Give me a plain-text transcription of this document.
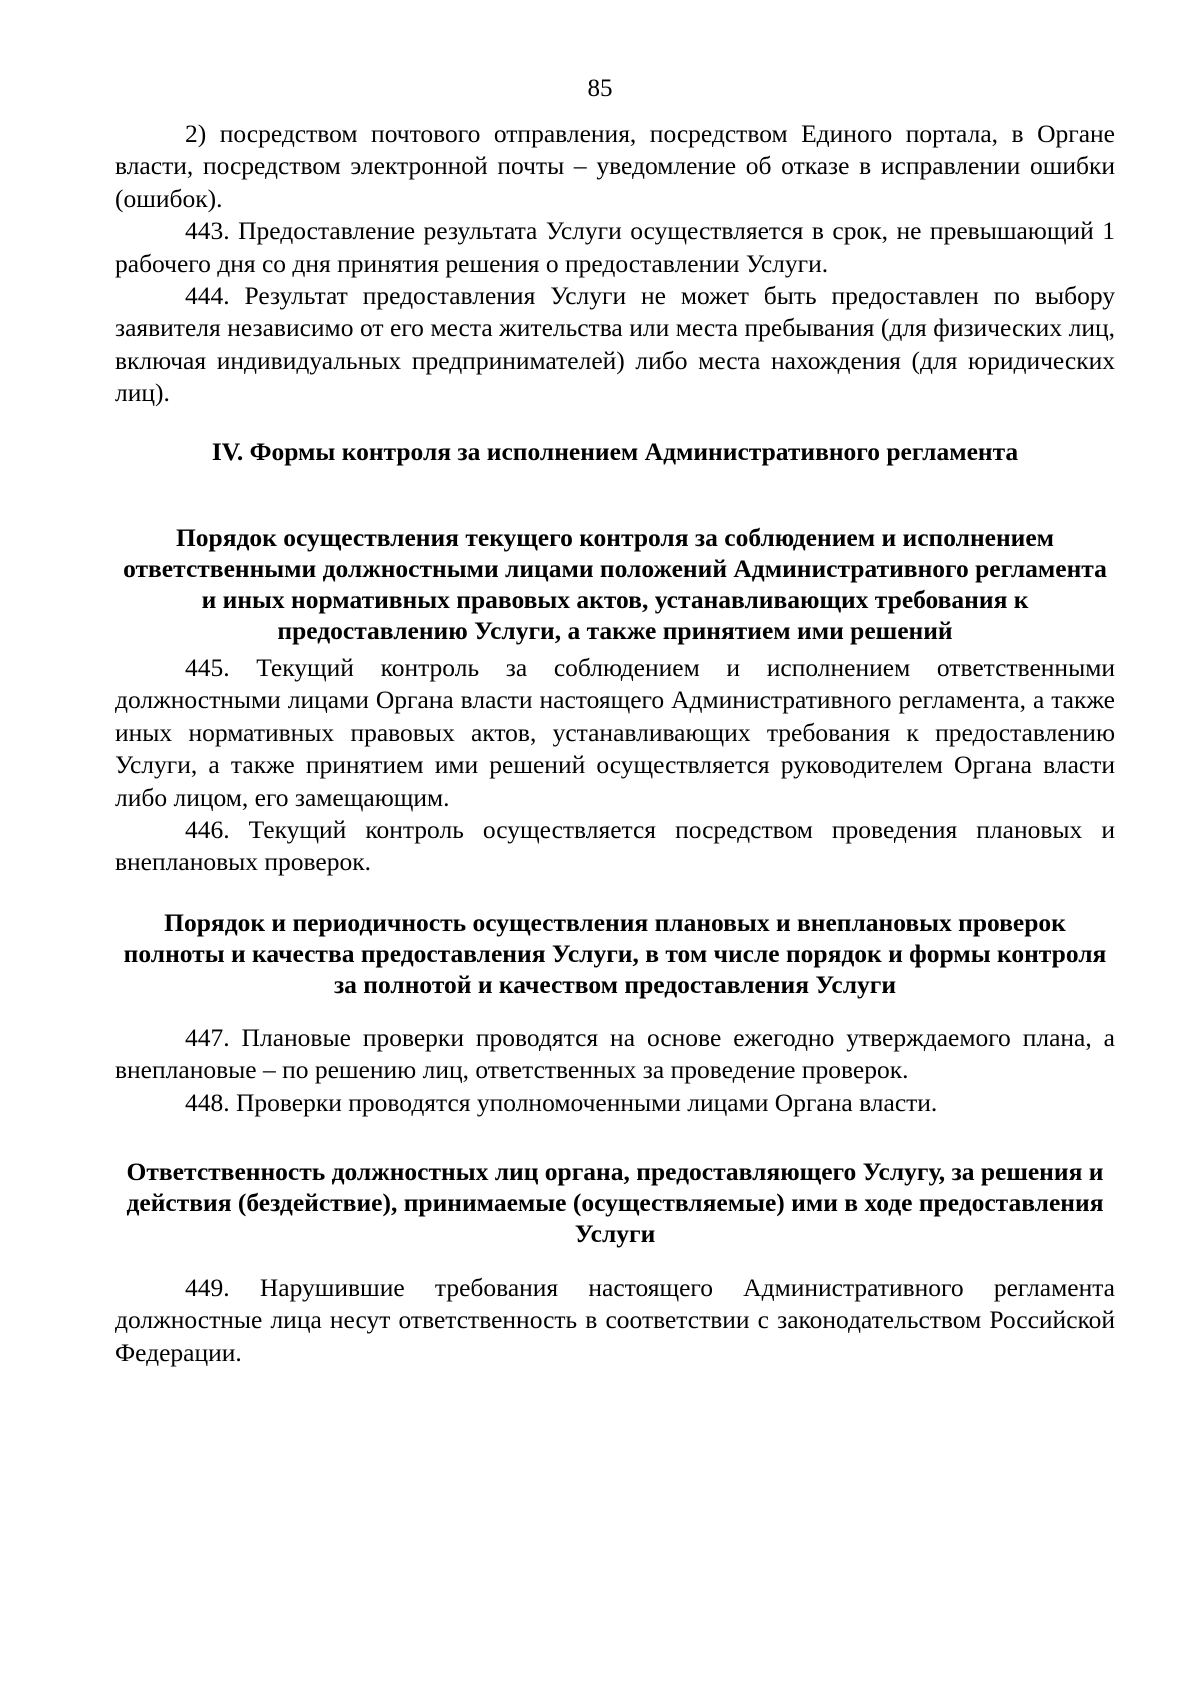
85

2) посредством почтового отправления, посредством Единого портала, в Органе власти, посредством электронной почты – уведомление об отказе в исправлении ошибки (ошибок).

443. Предоставление результата Услуги осуществляется в срок, не превышающий 1 рабочего дня со дня принятия решения о предоставлении Услуги.

444. Результат предоставления Услуги не может быть предоставлен по выбору заявителя независимо от его места жительства или места пребывания (для физических лиц, включая индивидуальных предпринимателей) либо места нахождения (для юридических лиц).

IV. Формы контроля за исполнением Административного регламента

Порядок осуществления текущего контроля за соблюдением и исполнением ответственными должностными лицами положений Административного регламента и иных нормативных правовых актов, устанавливающих требования к предоставлению Услуги, а также принятием ими решений

445. Текущий контроль за соблюдением и исполнением ответственными должностными лицами Органа власти настоящего Административного регламента, а также иных нормативных правовых актов, устанавливающих требования к предоставлению Услуги, а также принятием ими решений осуществляется руководителем Органа власти либо лицом, его замещающим.

446. Текущий контроль осуществляется посредством проведения плановых и внеплановых проверок.

Порядок и периодичность осуществления плановых и внеплановых проверок полноты и качества предоставления Услуги, в том числе порядок и формы контроля за полнотой и качеством предоставления Услуги

447. Плановые проверки проводятся на основе ежегодно утверждаемого плана, а внеплановые – по решению лиц, ответственных за проведение проверок.

448. Проверки проводятся уполномоченными лицами Органа власти.

Ответственность должностных лиц органа, предоставляющего Услугу, за решения и действия (бездействие), принимаемые (осуществляемые) ими в ходе предоставления Услуги

449. Нарушившие требования настоящего Административного регламента должностные лица несут ответственность в соответствии с законодательством Российской Федерации.
